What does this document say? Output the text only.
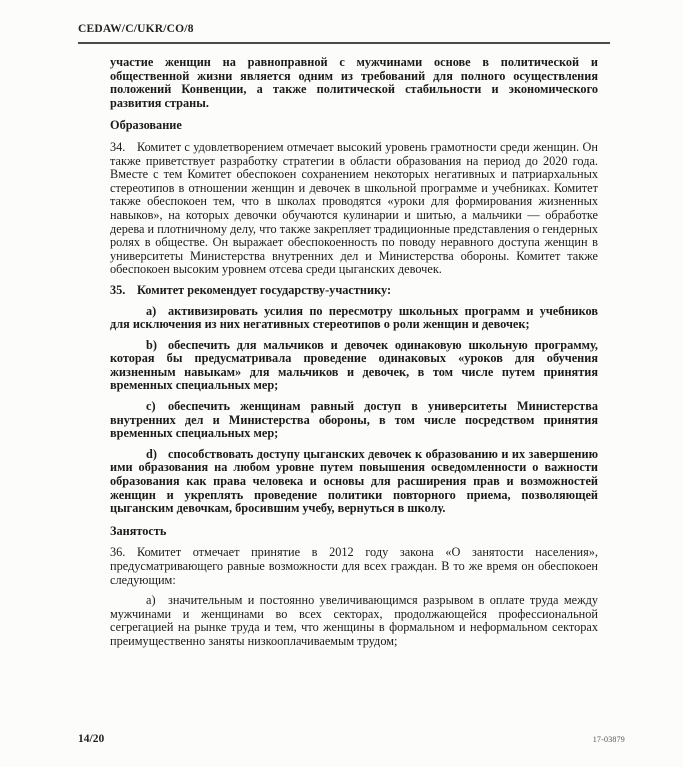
CEDAW/C/UKR/CO/8

участие женщин на равноправной с мужчинами основе в политической и общественной жизни является одним из требований для полного осуществления положений Конвенции, а также политической стабильности и экономического развития страны.

Образование

34. Комитет с удовлетворением отмечает высокий уровень грамотности среди женщин. Он также приветствует разработку стратегии в области образования на период до 2020 года. Вместе с тем Комитет обеспокоен сохранением некоторых негативных и патриархальных стереотипов в отношении женщин и девочек в школьной программе и учебниках. Комитет также обеспокоен тем, что в школах проводятся «уроки для формирования жизненных навыков», на которых девочки обучаются кулинарии и шитью, а мальчики — обработке дерева и плотничному делу, что также закрепляет традиционные представления о гендерных ролях в обществе. Он выражает обеспокоенность по поводу неравного доступа женщин в университеты Министерства внутренних дел и Министерства обороны. Комитет также обеспокоен высоким уровнем отсева среди цыганских девочек.

35. Комитет рекомендует государству-участнику:

a) активизировать усилия по пересмотру школьных программ и учебников для исключения из них негативных стереотипов о роли женщин и девочек;

b) обеспечить для мальчиков и девочек одинаковую школьную программу, которая бы предусматривала проведение одинаковых «уроков для обучения жизненным навыкам» для мальчиков и девочек, в том числе путем принятия временных специальных мер;

c) обеспечить женщинам равный доступ в университеты Министерства внутренних дел и Министерства обороны, в том числе посредством принятия временных специальных мер;

d) способствовать доступу цыганских девочек к образованию и их завершению ими образования на любом уровне путем повышения осведомленности о важности образования как права человека и основы для расширения прав и возможностей женщин и укреплять проведение политики повторного приема, позволяющей цыганским девочкам, бросившим учебу, вернуться в школу.

Занятость

36. Комитет отмечает принятие в 2012 году закона «О занятости населения», предусматривающего равные возможности для всех граждан. В то же время он обеспокоен следующим:

a) значительным и постоянно увеличивающимся разрывом в оплате труда между мужчинами и женщинами во всех секторах, продолжающейся профессиональной сегрегацией на рынке труда и тем, что женщины в формальном и неформальном секторах преимущественно заняты низкооплачиваемым трудом;

14/20	17-03879
